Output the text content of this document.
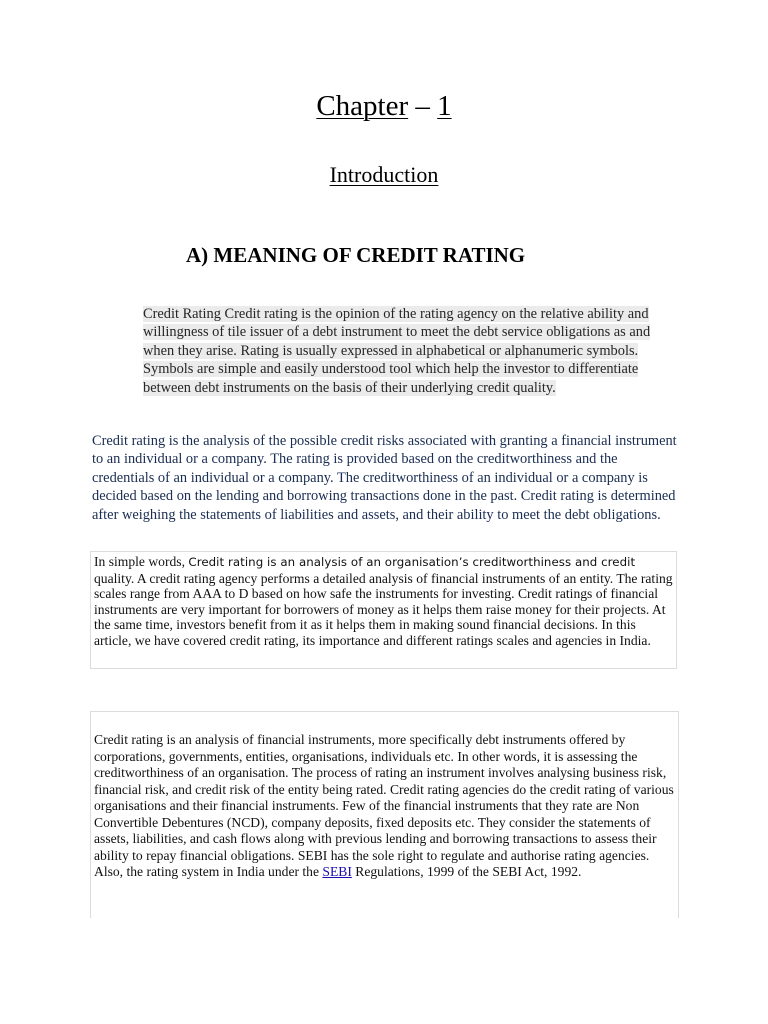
Chapter – 1
Introduction
A) MEANING OF CREDIT RATING
Credit Rating Credit rating is the opinion of the rating agency on the relative ability and willingness of tile issuer of a debt instrument to meet the debt service obligations as and when they arise. Rating is usually expressed in alphabetical or alphanumeric symbols. Symbols are simple and easily understood tool which help the investor to differentiate between debt instruments on the basis of their underlying credit quality.
Credit rating is the analysis of the possible credit risks associated with granting a financial instrument to an individual or a company. The rating is provided based on the creditworthiness and the credentials of an individual or a company. The creditworthiness of an individual or a company is decided based on the lending and borrowing transactions done in the past. Credit rating is determined after weighing the statements of liabilities and assets, and their ability to meet the debt obligations.
In simple words, Credit rating is an analysis of an organisation’s creditworthiness and credit quality. A credit rating agency performs a detailed analysis of financial instruments of an entity. The rating scales range from AAA to D based on how safe the instruments for investing. Credit ratings of financial instruments are very important for borrowers of money as it helps them raise money for their projects. At the same time, investors benefit from it as it helps them in making sound financial decisions. In this article, we have covered credit rating, its importance and different ratings scales and agencies in India.
Credit rating is an analysis of financial instruments, more specifically debt instruments offered by corporations, governments, entities, organisations, individuals etc. In other words, it is assessing the creditworthiness of an organisation. The process of rating an instrument involves analysing business risk, financial risk, and credit risk of the entity being rated. Credit rating agencies do the credit rating of various organisations and their financial instruments. Few of the financial instruments that they rate are Non Convertible Debentures (NCD), company deposits, fixed deposits etc. They consider the statements of assets, liabilities, and cash flows along with previous lending and borrowing transactions to assess their ability to repay financial obligations. SEBI has the sole right to regulate and authorise rating agencies. Also, the rating system in India under the SEBI Regulations, 1999 of the SEBI Act, 1992.
